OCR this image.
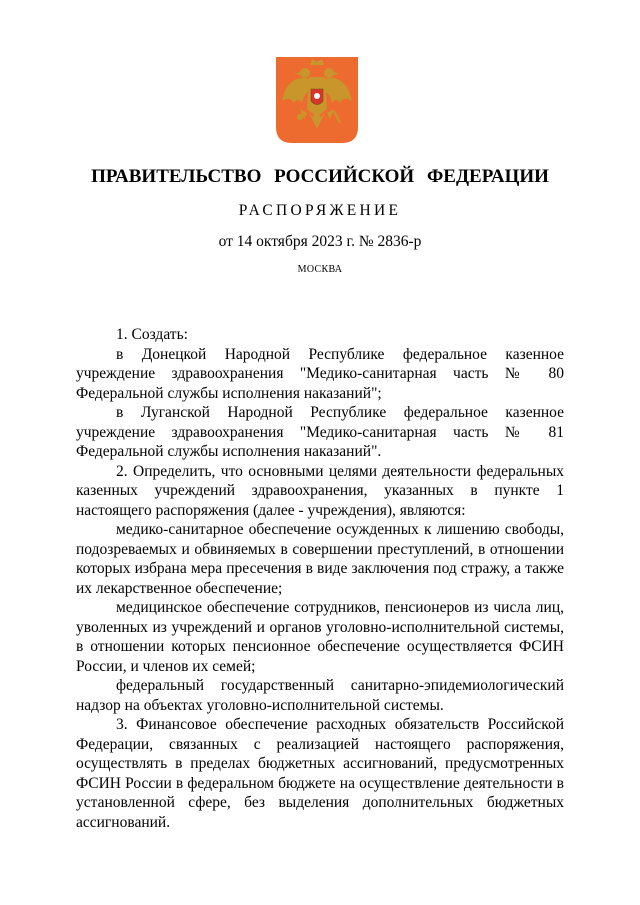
ПРАВИТЕЛЬСТВО РОССИЙСКОЙ ФЕДЕРАЦИИ
РАСПОРЯЖЕНИЕ
от 14 октября 2023 г. № 2836-р
МОСКВА

1. Создать:

в Донецкой Народной Республике федеральное казенное учреждение здравоохранения "Медико-санитарная часть № 80 Федеральной службы исполнения наказаний";

в Луганской Народной Республике федеральное казенное учреждение здравоохранения "Медико-санитарная часть № 81 Федеральной службы исполнения наказаний".

2. Определить, что основными целями деятельности федеральных казенных учреждений здравоохранения, указанных в пункте 1 настоящего распоряжения (далее - учреждения), являются:

медико-санитарное обеспечение осужденных к лишению свободы, подозреваемых и обвиняемых в совершении преступлений, в отношении которых избрана мера пресечения в виде заключения под стражу, а также их лекарственное обеспечение;

медицинское обеспечение сотрудников, пенсионеров из числа лиц, уволенных из учреждений и органов уголовно-исполнительной системы, в отношении которых пенсионное обеспечение осуществляется ФСИН России, и членов их семей;

федеральный государственный санитарно-эпидемиологический надзор на объектах уголовно-исполнительной системы.

3. Финансовое обеспечение расходных обязательств Российской Федерации, связанных с реализацией настоящего распоряжения, осуществлять в пределах бюджетных ассигнований, предусмотренных ФСИН России в федеральном бюджете на осуществление деятельности в установленной сфере, без выделения дополнительных бюджетных ассигнований.
